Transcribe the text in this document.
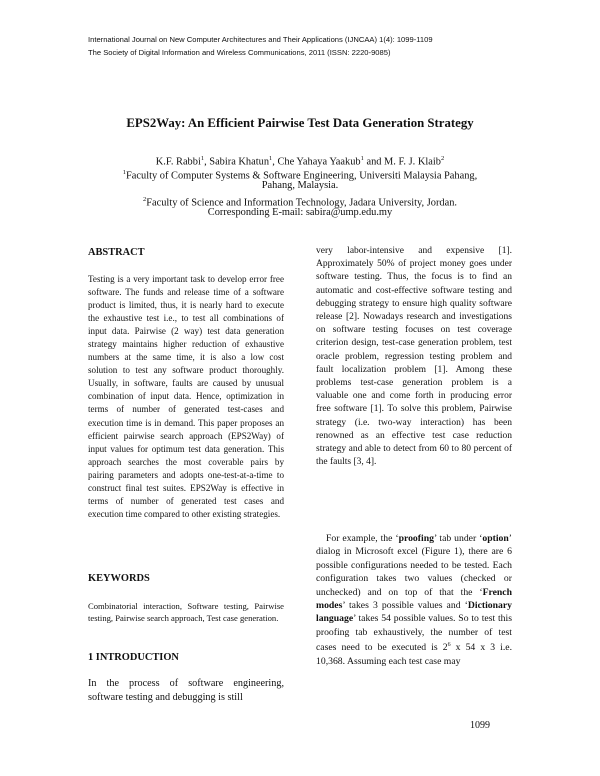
International Journal on New Computer Architectures and Their Applications (IJNCAA) 1(4): 1099-1109
The Society of Digital Information and Wireless Communications, 2011 (ISSN: 2220-9085)
EPS2Way: An Efficient Pairwise Test Data Generation Strategy
K.F. Rabbi$^1$, Sabira Khatun$^1$, Che Yahaya Yaakub$^1$ and M. F. J. Klaib$^2$
$^1$Faculty of Computer Systems & Software Engineering, Universiti Malaysia Pahang,
Pahang, Malaysia.
$^2$Faculty of Science and Information Technology, Jadara University, Jordan.
Corresponding E-mail: sabira@ump.edu.my
ABSTRACT
Testing is a very important task to develop error free software. The funds and release time of a software product is limited, thus, it is nearly hard to execute the exhaustive test i.e., to test all combinations of input data. Pairwise (2 way) test data generation strategy maintains higher reduction of exhaustive numbers at the same time, it is also a low cost solution to test any software product thoroughly. Usually, in software, faults are caused by unusual combination of input data. Hence, optimization in terms of number of generated test-cases and execution time is in demand. This paper proposes an efficient pairwise search approach (EPS2Way) of input values for optimum test data generation. This approach searches the most coverable pairs by pairing parameters and adopts one-test-at-a-time to construct final test suites. EPS2Way is effective in terms of number of generated test cases and execution time compared to other existing strategies.
KEYWORDS
Combinatorial interaction, Software testing, Pairwise testing, Pairwise search approach, Test case generation.
1 INTRODUCTION
In the process of software engineering, software testing and debugging is still
very labor-intensive and expensive [1]. Approximately 50% of project money goes under software testing. Thus, the focus is to find an automatic and cost-effective software testing and debugging strategy to ensure high quality software release [2]. Nowadays research and investigations on software testing focuses on test coverage criterion design, test-case generation problem, test oracle problem, regression testing problem and fault localization problem [1]. Among these problems test-case generation problem is a valuable one and come forth in producing error free software [1]. To solve this problem, Pairwise strategy (i.e. two-way interaction) has been renowned as an effective test case reduction strategy and able to detect from 60 to 80 percent of the faults [3, 4].
For example, the ‘proofing’ tab under ‘option’ dialog in Microsoft excel (Figure 1), there are 6 possible configurations needed to be tested. Each configuration takes two values (checked or unchecked) and on top of that the ‘French modes’ takes 3 possible values and ‘Dictionary language’ takes 54 possible values. So to test this proofing tab exhaustively, the number of test cases need to be executed is $2^6$ x 54 x 3 i.e. 10,368. Assuming each test case may
1099
